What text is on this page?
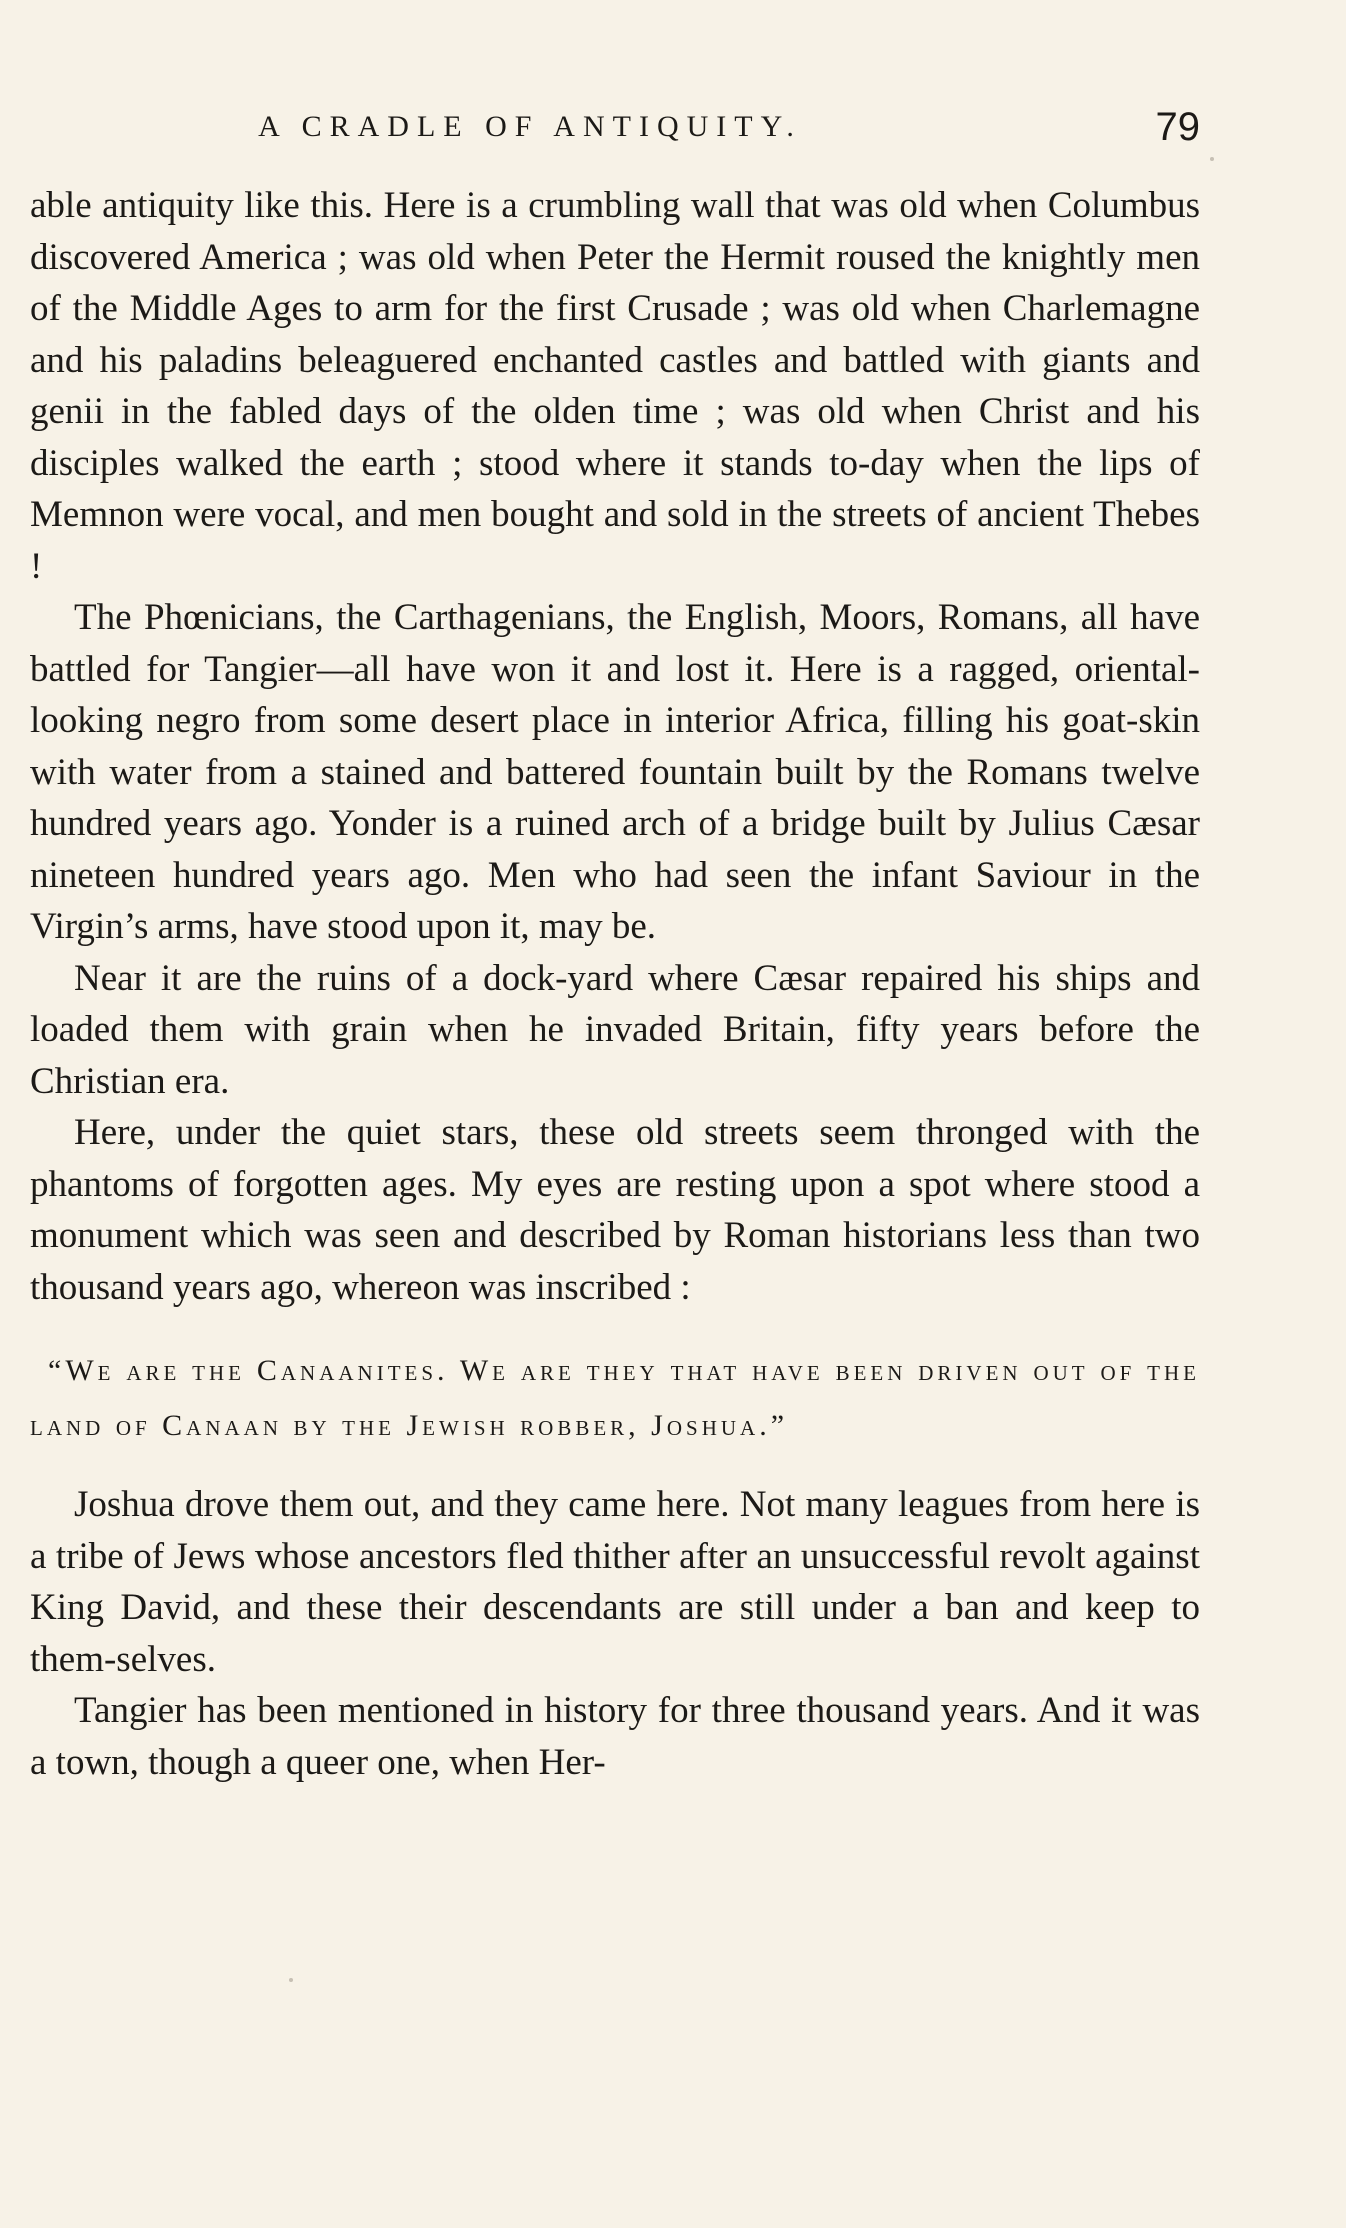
A CRADLE OF ANTIQUITY.	79

able antiquity like this. Here is a crumbling wall that was old when Columbus discovered America ; was old when Peter the Hermit roused the knightly men of the Middle Ages to arm for the first Crusade ; was old when Charlemagne and his paladins beleaguered enchanted castles and battled with giants and genii in the fabled days of the olden time ; was old when Christ and his disciples walked the earth ; stood where it stands to-day when the lips of Memnon were vocal, and men bought and sold in the streets of ancient Thebes !

The Phœnicians, the Carthagenians, the English, Moors, Romans, all have battled for Tangier—all have won it and lost it. Here is a ragged, oriental-looking negro from some desert place in interior Africa, filling his goat-skin with water from a stained and battered fountain built by the Romans twelve hundred years ago. Yonder is a ruined arch of a bridge built by Julius Cæsar nineteen hundred years ago. Men who had seen the infant Saviour in the Virgin’s arms, have stood upon it, may be.

Near it are the ruins of a dock-yard where Cæsar repaired his ships and loaded them with grain when he invaded Britain, fifty years before the Christian era.

Here, under the quiet stars, these old streets seem thronged with the phantoms of forgotten ages. My eyes are resting upon a spot where stood a monument which was seen and described by Roman historians less than two thousand years ago, whereon was inscribed :

“We are the Canaanites. We are they that have been driven out of the land of Canaan by the Jewish robber, Joshua.”

Joshua drove them out, and they came here. Not many leagues from here is a tribe of Jews whose ancestors fled thither after an unsuccessful revolt against King David, and these their descendants are still under a ban and keep to them-selves.

Tangier has been mentioned in history for three thousand years. And it was a town, though a queer one, when Her-
